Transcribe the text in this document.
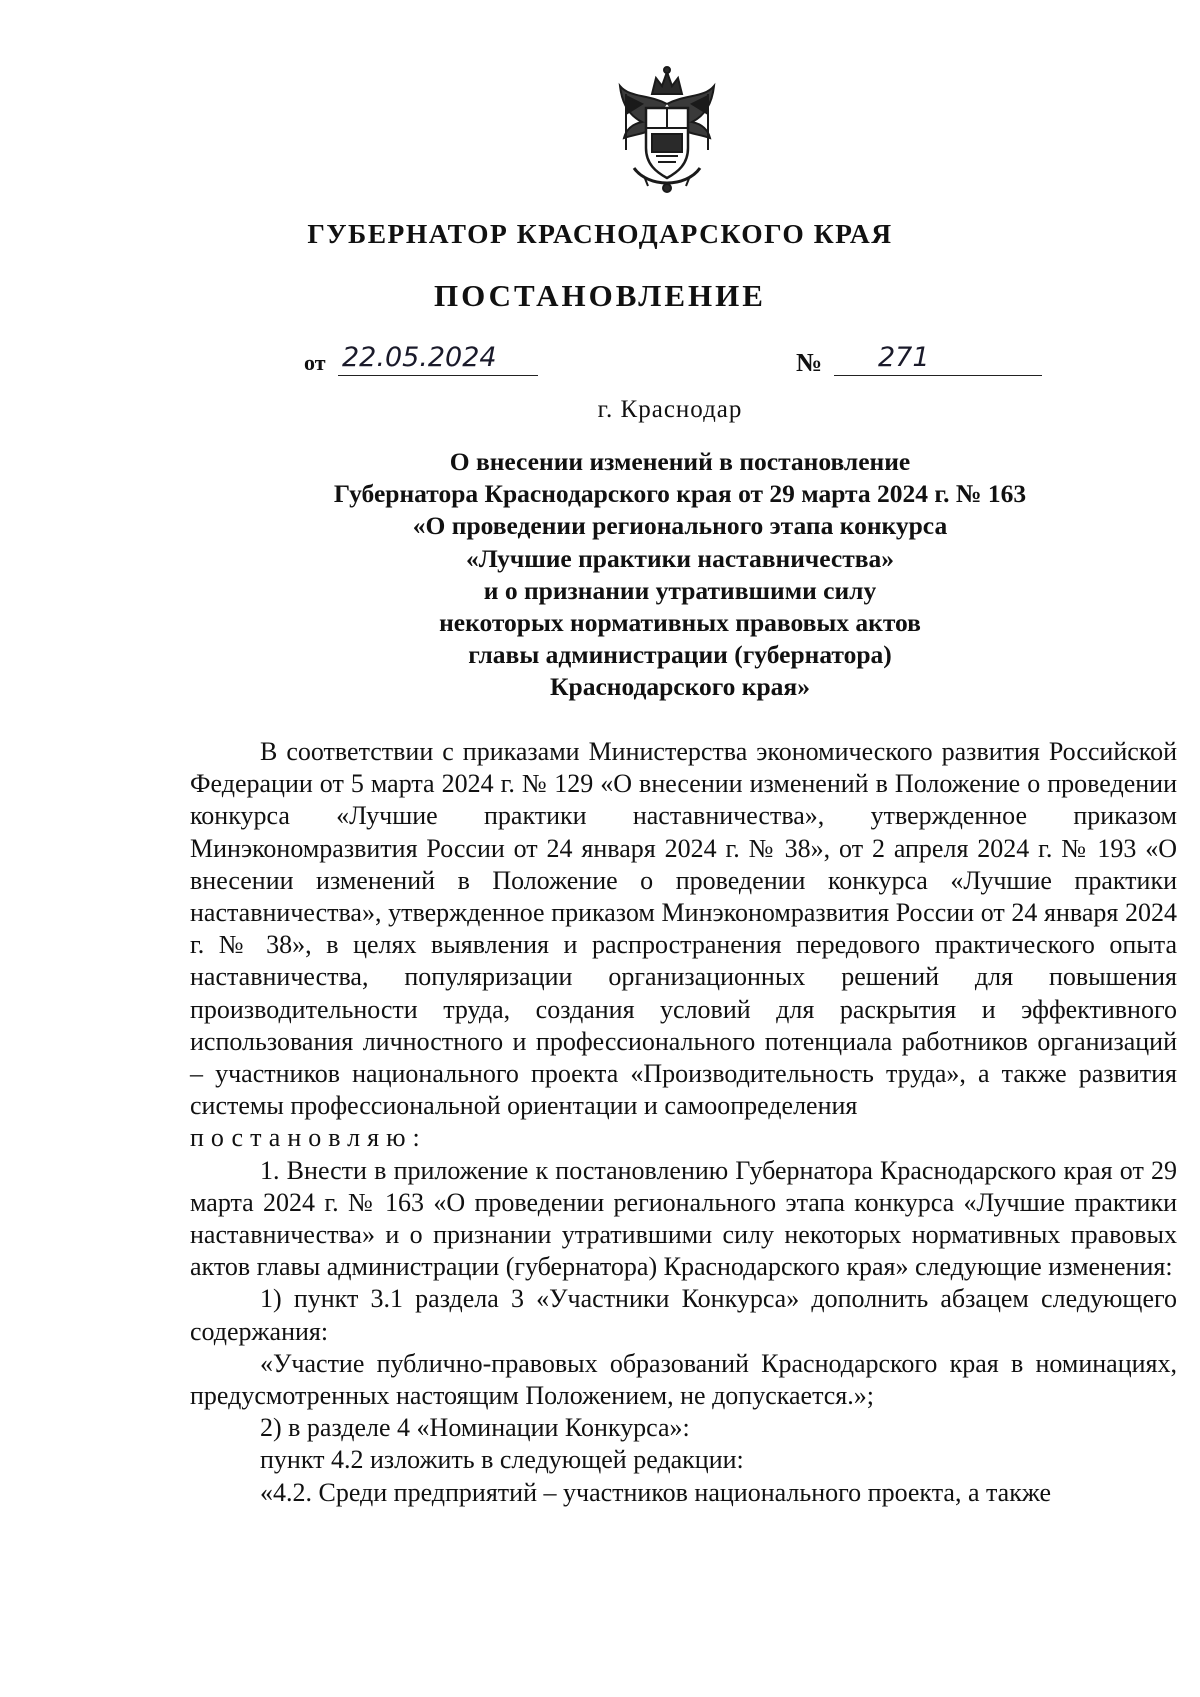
ГУБЕРНАТОР КРАСНОДАРСКОГО КРАЯ
ПОСТАНОВЛЕНИЕ
от 22.05.2024	№	271
г. Краснодар
О внесении изменений в постановление
Губернатора Краснодарского края от 29 марта 2024 г. № 163
«О проведении регионального этапа конкурса
«Лучшие практики наставничества»
и о признании утратившими силу
некоторых нормативных правовых актов
главы администрации (губернатора)
Краснодарского края»

В соответствии с приказами Министерства экономического развития Российской Федерации от 5 марта 2024 г. № 129 «О внесении изменений в Положение о проведении конкурса «Лучшие практики наставничества», утвержденное приказом Минэкономразвития России от 24 января 2024 г. № 38», от 2 апреля 2024 г. № 193 «О внесении изменений в Положение о проведении конкурса «Лучшие практики наставничества», утвержденное приказом Минэкономразвития России от 24 января 2024 г. № 38», в целях выявления и распространения передового практического опыта наставничества, популяризации организационных решений для повышения производительности труда, создания условий для раскрытия и эффективного использования личностного и профессионального потенциала работников организаций – участников национального проекта «Производительность труда», а также развития системы профессиональной ориентации и самоопределения

постановляю:

1. Внести в приложение к постановлению Губернатора Краснодарского края от 29 марта 2024 г. № 163 «О проведении регионального этапа конкурса «Лучшие практики наставничества» и о признании утратившими силу некоторых нормативных правовых актов главы администрации (губернатора) Краснодарского края» следующие изменения:

1) пункт 3.1 раздела 3 «Участники Конкурса» дополнить абзацем следующего содержания:

«Участие публично-правовых образований Краснодарского края в номинациях, предусмотренных настоящим Положением, не допускается.»;

2) в разделе 4 «Номинации Конкурса»:

пункт 4.2 изложить в следующей редакции:

«4.2. Среди предприятий – участников национального проекта, а также
